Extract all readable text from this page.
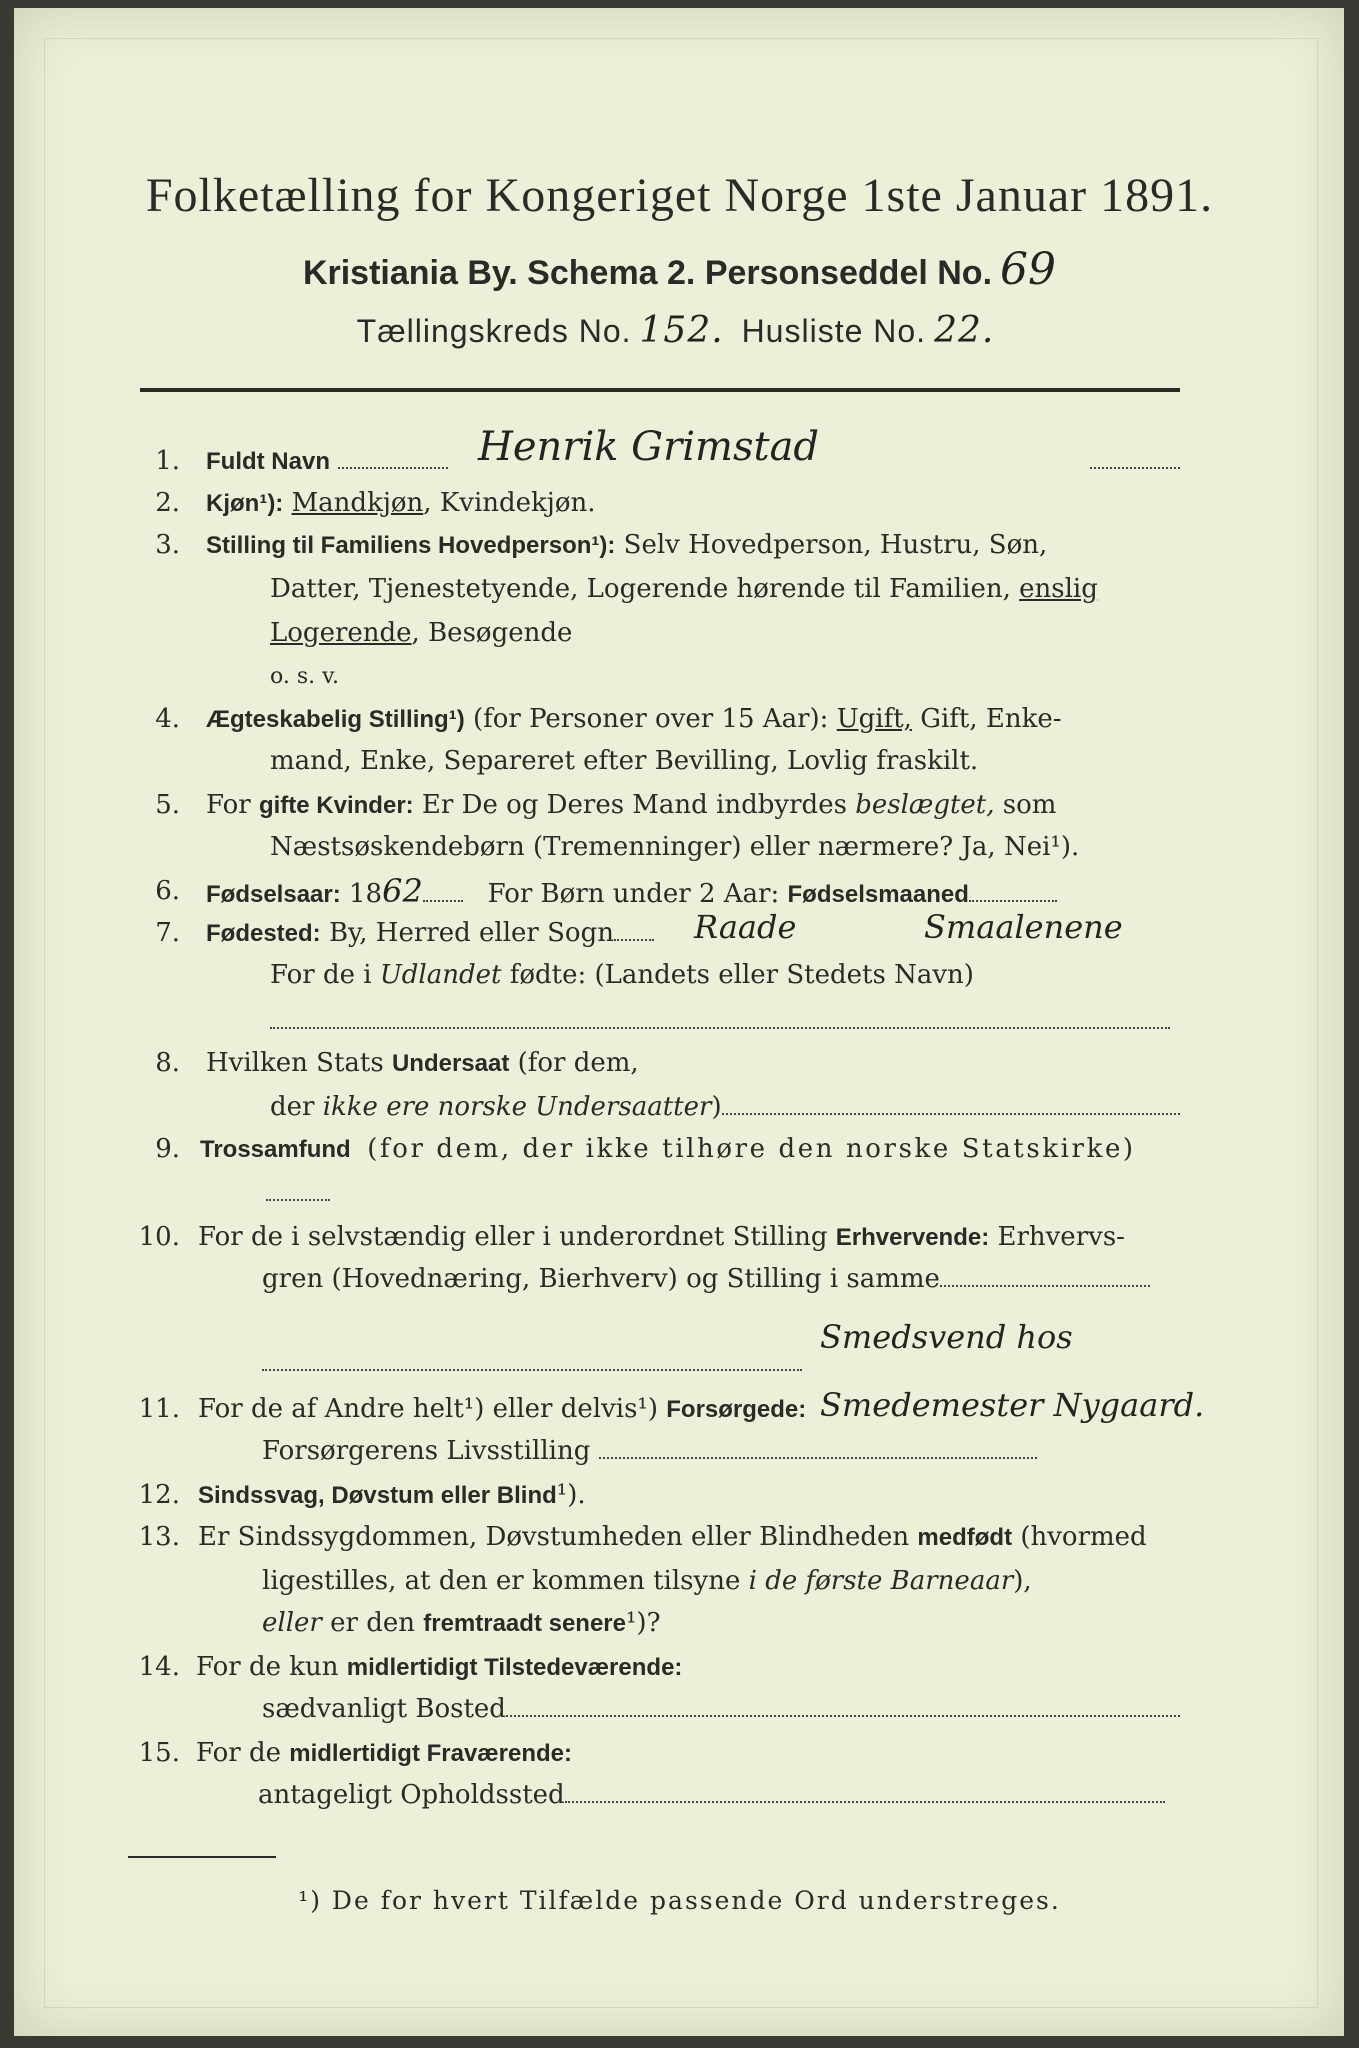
Folketælling for Kongeriget Norge 1ste Januar 1891.
Kristiania By. Schema 2. Personseddel No. 69
Tællingskreds No. 152. Husliste No. 22.
1. Fuldt Navn	Henrik Grimstad
2. Kjøn¹): Mandkjøn, Kvindekjøn.
3. Stilling til Familiens Hovedperson¹): Selv Hovedperson, Hustru, Søn,
Datter, Tjenestetyende, Logerende hørende til Familien, enslig
Logerende, Besøgende
o. s. v.
4. Ægteskabelig Stilling¹) (for Personer over 15 Aar): Ugift, Gift, Enke-
mand, Enke, Separeret efter Bevilling, Lovlig fraskilt.
5. For gifte Kvinder: Er De og Deres Mand indbyrdes beslægtet, som
Næstsøskendebørn (Tremenninger) eller nærmere? Ja, Nei¹).
6. Fødselsaar: 1862 For Børn under 2 Aar: Fødselsmaaned
7. Fødested: By, Herred eller Sogn	Raade	Smaalenene
For de i Udlandet fødte: (Landets eller Stedets Navn)
8. Hvilken Stats Undersaat (for dem,
der ikke ere norske Undersaatter)
9. Trossamfund (for dem, der ikke tilhøre den norske Statskirke)
10. For de i selvstændig eller i underordnet Stilling Erhvervende: Erhvervs-
gren (Hovednæring, Bierhverv) og Stilling i samme
Smedsvend hos
11. For de af Andre helt¹) eller delvis¹) Forsørgede: Smedemester Nygaard.
Forsørgerens Livsstilling
12. Sindssvag, Døvstum eller Blind¹).
13. Er Sindssygdommen, Døvstumheden eller Blindheden medfødt (hvormed
ligestilles, at den er kommen tilsyne i de første Barneaar),
eller er den fremtraadt senere¹)?
14. For de kun midlertidigt Tilstedeværende:
sædvanligt Bosted
15. For de midlertidigt Fraværende:
antageligt Opholdssted
¹) De for hvert Tilfælde passende Ord understreges.
